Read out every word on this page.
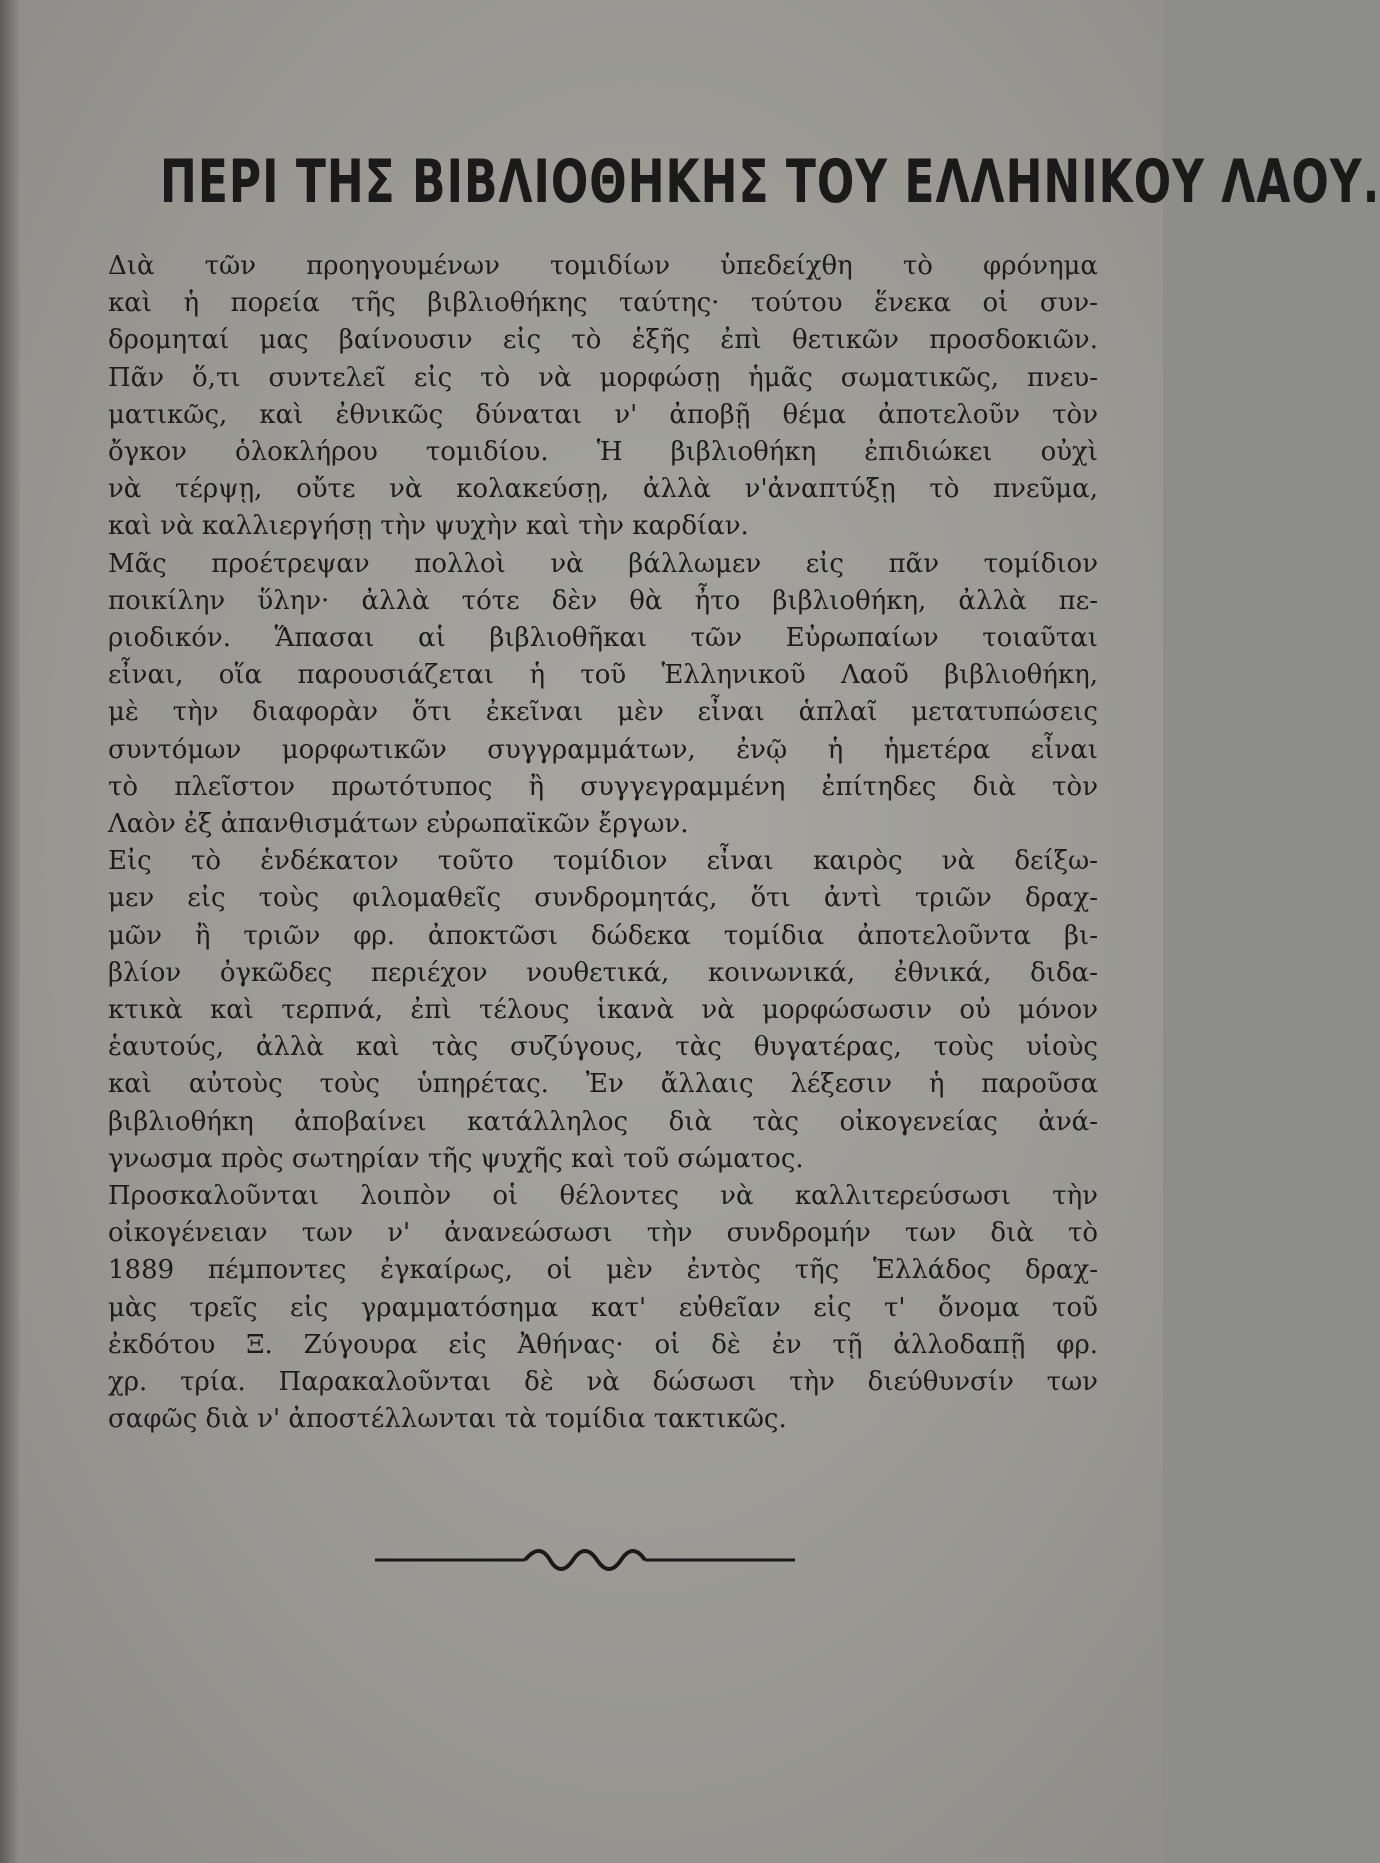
ΠΕΡΙ ΤΗΣ ΒΙΒΛΙΟΘΗΚΗΣ ΤΟΥ ΕΛΛΗΝΙΚΟΥ ΛΑΟΥ.
Διὰ τῶν προηγουμένων τομιδίων ὑπεδείχθη τὸ φρόνημα
καὶ ἡ πορεία τῆς βιβλιοθήκης ταύτης· τούτου ἕνεκα οἱ συν-
δρομηταί μας βαίνουσιν εἰς τὸ ἑξῆς ἐπὶ θετικῶν προσδοκιῶν.
Πᾶν ὅ,τι συντελεῖ εἰς τὸ νὰ μορφώσῃ ἡμᾶς σωματικῶς, πνευ-
ματικῶς, καὶ ἐθνικῶς δύναται ν' ἀποβῇ θέμα ἀποτελοῦν τὸν
ὄγκον ὁλοκλήρου τομιδίου. Ἡ βιβλιοθήκη ἐπιδιώκει οὐχὶ
νὰ τέρψῃ, οὔτε νὰ κολακεύσῃ, ἀλλὰ ν'ἀναπτύξῃ τὸ πνεῦμα,
καὶ νὰ καλλιεργήσῃ τὴν ψυχὴν καὶ τὴν καρδίαν.
Μᾶς προέτρεψαν πολλοὶ νὰ βάλλωμεν εἰς πᾶν τομίδιον
ποικίλην ὕλην· ἀλλὰ τότε δὲν θὰ ἦτο βιβλιοθήκη, ἀλλὰ πε-
ριοδικόν. Ἅπασαι αἱ βιβλιοθῆκαι τῶν Εὐρωπαίων τοιαῦται
εἶναι, οἵα παρουσιάζεται ἡ τοῦ Ἑλληνικοῦ Λαοῦ βιβλιοθήκη,
μὲ τὴν διαφορὰν ὅτι ἐκεῖναι μὲν εἶναι ἁπλαῖ μετατυπώσεις
συντόμων μορφωτικῶν συγγραμμάτων, ἐνῷ ἡ ἡμετέρα εἶναι
τὸ πλεῖστον πρωτότυπος ἢ συγγεγραμμένη ἐπίτηδες διὰ τὸν
Λαὸν ἐξ ἀπανθισμάτων εὐρωπαϊκῶν ἔργων.
Εἰς τὸ ἑνδέκατον τοῦτο τομίδιον εἶναι καιρὸς νὰ δείξω-
μεν εἰς τοὺς φιλομαθεῖς συνδρομητάς, ὅτι ἀντὶ τριῶν δραχ-
μῶν ἢ τριῶν φρ. ἀποκτῶσι δώδεκα τομίδια ἀποτελοῦντα βι-
βλίον ὀγκῶδες περιέχον νουθετικά, κοινωνικά, ἐθνικά, διδα-
κτικὰ καὶ τερπνά, ἐπὶ τέλους ἱκανὰ νὰ μορφώσωσιν οὐ μόνον
ἑαυτούς, ἀλλὰ καὶ τὰς συζύγους, τὰς θυγατέρας, τοὺς υἱοὺς
καὶ αὐτοὺς τοὺς ὑπηρέτας. Ἐν ἄλλαις λέξεσιν ἡ παροῦσα
βιβλιοθήκη ἀποβαίνει κατάλληλος διὰ τὰς οἰκογενείας ἀνά-
γνωσμα πρὸς σωτηρίαν τῆς ψυχῆς καὶ τοῦ σώματος.
Προσκαλοῦνται λοιπὸν οἱ θέλοντες νὰ καλλιτερεύσωσι τὴν
οἰκογένειαν των ν' ἀνανεώσωσι τὴν συνδρομήν των διὰ τὸ
1889 πέμποντες ἐγκαίρως, οἱ μὲν ἐντὸς τῆς Ἑλλάδος δραχ-
μὰς τρεῖς εἰς γραμματόσημα κατ' εὐθεῖαν εἰς τ' ὄνομα τοῦ
ἐκδότου Ξ. Ζύγουρα εἰς Ἀθήνας· οἱ δὲ ἐν τῇ ἀλλοδαπῇ φρ.
χρ. τρία. Παρακαλοῦνται δὲ νὰ δώσωσι τὴν διεύθυνσίν των
σαφῶς διὰ ν' ἀποστέλλωνται τὰ τομίδια τακτικῶς.
